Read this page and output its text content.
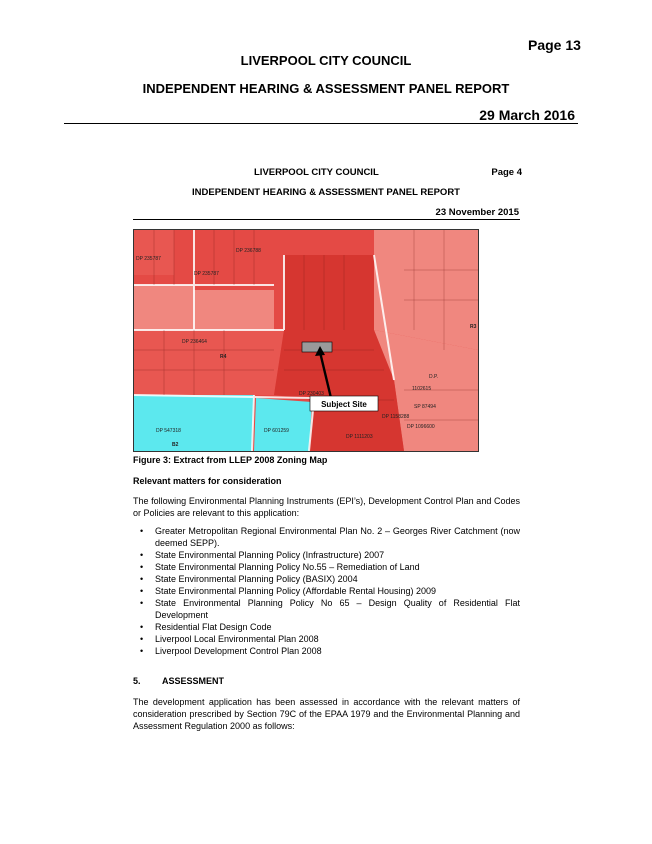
Page 13
LIVERPOOL CITY COUNCIL
INDEPENDENT HEARING & ASSESSMENT PANEL REPORT
29 March 2016
LIVERPOOL CITY COUNCIL	Page 4
INDEPENDENT HEARING & ASSESSMENT PANEL REPORT
23 November 2015
Subject Site
R4
B2
R3
DP 236788
DP 235787
DP 236464
DP 230403
DP 235787
DP 547318	DP 601259
DP 1158288
DP 1111203
SP 87494
1102615
D.P.
DP 1096600
Figure 3: Extract from LLEP 2008 Zoning Map
Relevant matters for consideration
The following Environmental Planning Instruments (EPI’s), Development Control Plan and Codes or Policies are relevant to this application:
• Greater Metropolitan Regional Environmental Plan No. 2 – Georges River Catchment (now deemed SEPP).
• State Environmental Planning Policy (Infrastructure) 2007
• State Environmental Planning Policy No.55 – Remediation of Land
• State Environmental Planning Policy (BASIX) 2004
• State Environmental Planning Policy (Affordable Rental Housing) 2009
• State Environmental Planning Policy No 65 – Design Quality of Residential Flat Development
• Residential Flat Design Code
• Liverpool Local Environmental Plan 2008
• Liverpool Development Control Plan 2008
5. ASSESSMENT
The development application has been assessed in accordance with the relevant matters of consideration prescribed by Section 79C of the EPAA 1979 and the Environmental Planning and Assessment Regulation 2000 as follows:
